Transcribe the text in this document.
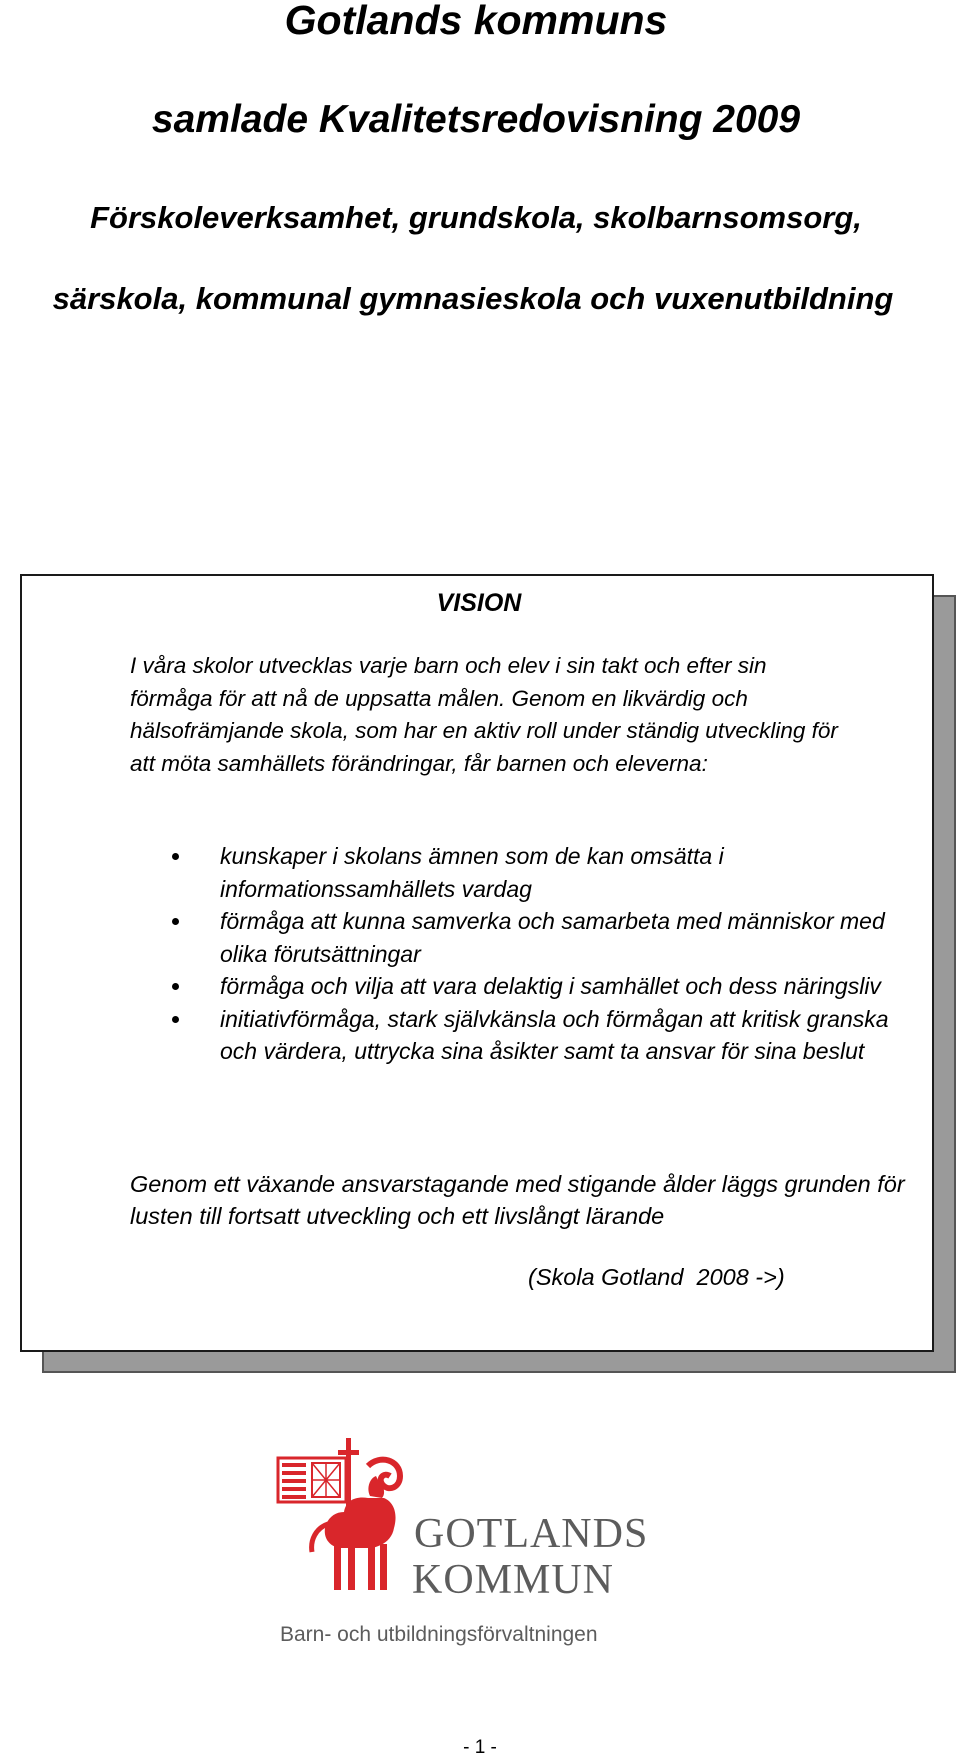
Gotlands kommuns
samlade Kvalitetsredovisning 2009
Förskoleverksamhet, grundskola, skolbarnsomsorg,
särskola, kommunal gymnasieskola och vuxenutbildning

VISION

I våra skolor utvecklas varje barn och elev i sin takt och efter sin förmåga för att nå de uppsatta målen. Genom en likvärdig och hälsofrämjande skola, som har en aktiv roll under ständig utveckling för att möta samhällets förändringar, får barnen och eleverna:

kunskaper i skolans ämnen som de kan omsätta i informationssamhällets vardag
förmåga att kunna samverka och samarbeta med människor med olika förutsättningar
förmåga och vilja att vara delaktig i samhället och dess näringsliv
initiativförmåga, stark självkänsla och förmågan att kritisk granska och värdera, uttrycka sina åsikter samt ta ansvar för sina beslut

Genom ett växande ansvarstagande med stigande ålder läggs grunden för lusten till fortsatt utveckling och ett livslångt lärande

(Skola Gotland  2008 ->)

GOTLANDS

KOMMUN

Barn- och utbildningsförvaltningen

- 1 -
